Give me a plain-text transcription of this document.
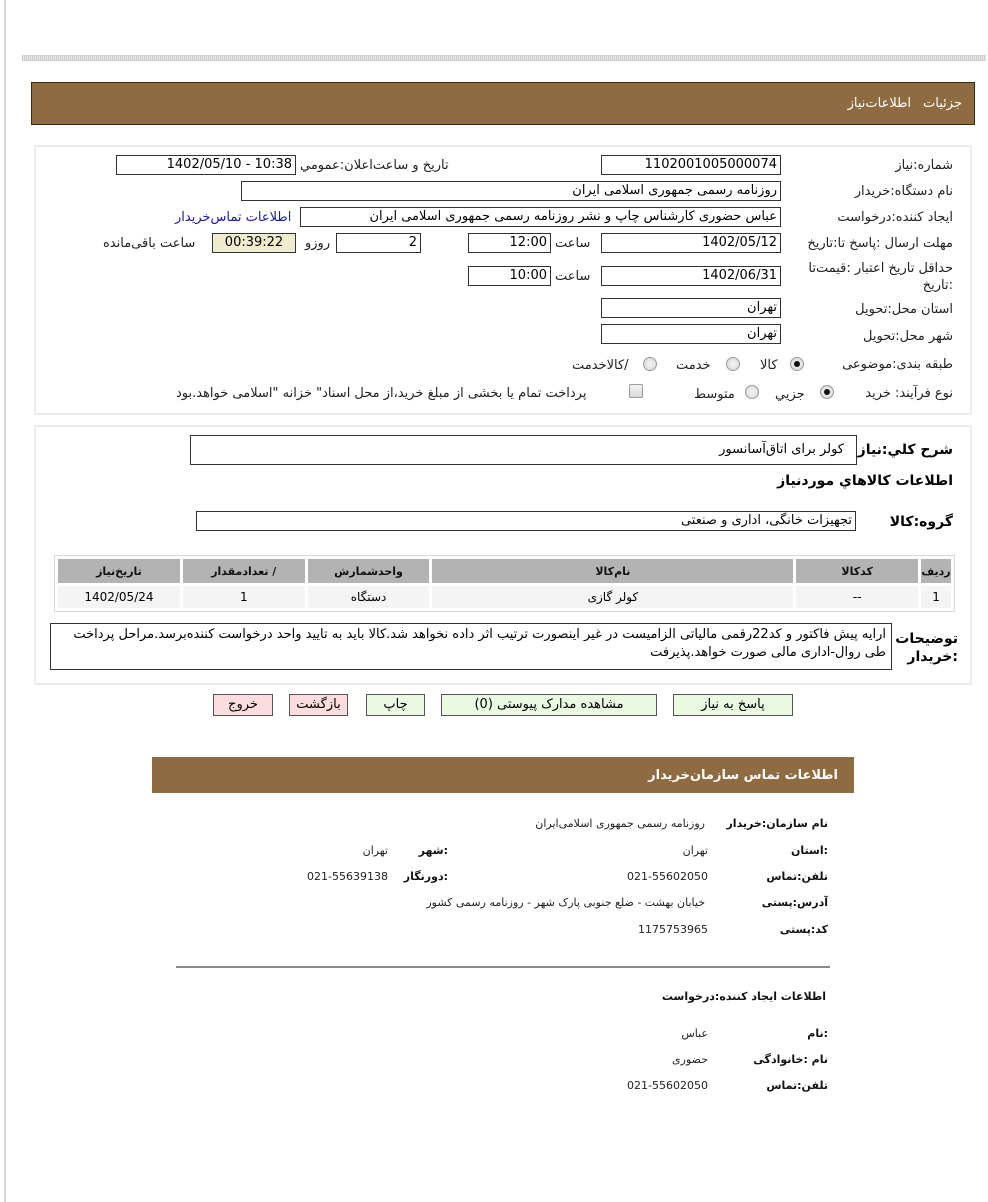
جزئیات
اطلاعات‌نیاز
شماره:نیاز
1102001005000074
تاریخ و ساعت‌اعلان:عمومي
1402/05/10 - 10:38
نام دستگاه:خریدار
روزنامه رسمی جمهوری اسلامی ایران
ایجاد کننده:درخواست
عباس حضوری کارشناس چاپ و نشر روزنامه رسمی جمهوری اسلامی ایران
اطلاعات تماس‌خریدار
مهلت ارسال :پاسخ تا:تاریخ
1402/05/12
ساعت
12:00
2
روزو
00:39:22
ساعت باقی‌مانده
حداقل تاریخ اعتبار :قیمت‌تا
:تاریخ
1402/06/31
ساعت
10:00
استان محل:تحویل
تهران
شهر محل:تحویل
تهران
طبقه بندی:موضوعی
کالا
خدمت
/کالاخدمت
نوع فرآیند: خرید
جزيي
متوسط
پرداخت تمام یا بخشی از مبلغ خرید،از محل اسناد" خزانه "اسلامی خواهد.بود
شرح کلي:نیاز
کولر برای اتاق‌آسانسور
اطلاعات کالاهاي موردنیاز
گروه:کالا
تجهیزات خانگی، اداری و صنعتی
ردیف	کدکالا	نام‌کالا	واحدشمارش	/ تعدادمقدار	تاریخ‌نیاز
1	--	کولر گازی	دستگاه	1	1402/05/24
توضیحات
:خریدار
ارایه پیش فاکتور و کد22رقمی مالیاتی الزامیست در غیر اینصورت ترتیب اثر داده نخواهد شد.کالا باید به تایید واحد درخواست کننده‌برسد.مراحل پرداخت طی روال-اداری مالی صورت خواهد.پذیرفت
پاسخ به نیاز
مشاهده مدارک پیوستی (0)
چاپ
بازگشت
خروج
اطلاعات تماس سازمان‌خریدار
نام سازمان:خریدار
روزنامه رسمی جمهوری اسلامی‌ایران
:استان
تهران
:شهر
تهران
تلفن:تماس
021-55602050
:دورنگار
021-55639138
آدرس:پستی
خیابان بهشت - ضلع جنوبی پارک شهر - روزنامه رسمی کشور
کد:پستی
1175753965
اطلاعات ایجاد کننده:درخواست
:نام
عباس
نام :خانوادگی
حضوری
تلفن:تماس
021-55602050
